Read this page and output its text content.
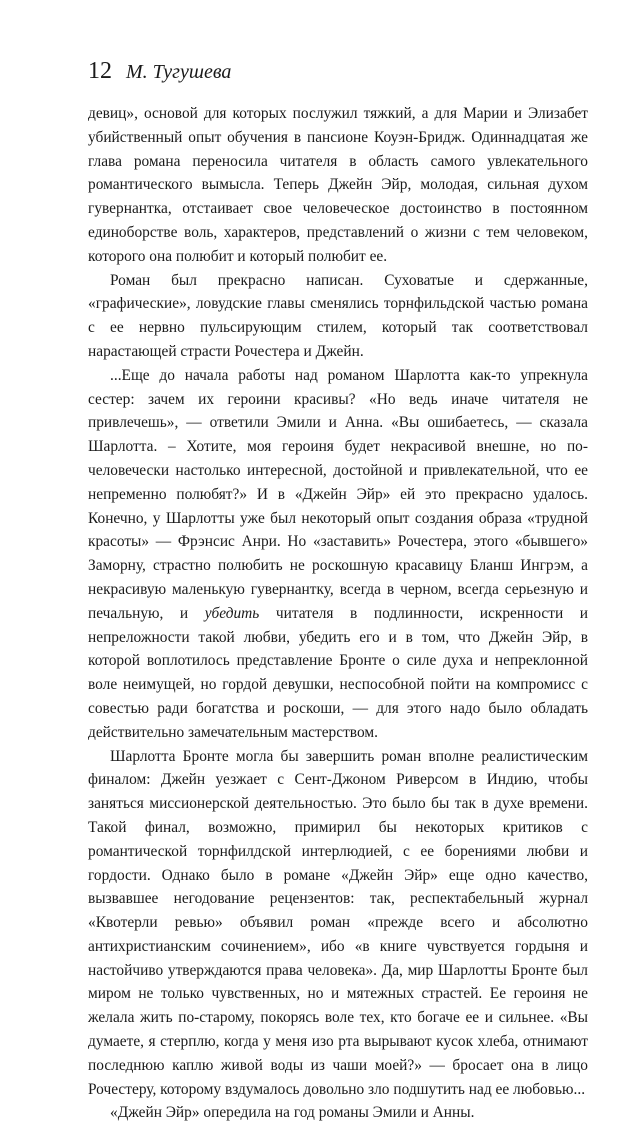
12 М. Тугушева

девиц», основой для которых послужил тяжкий, а для Марии и Элизабет убийственный опыт обучения в пансионе Коуэн-Бридж. Одиннадцатая же глава романа переносила читателя в область самого увлекательного романтического вымысла. Теперь Джейн Эйр, молодая, сильная духом гувернантка, отстаивает свое человеческое достоинство в постоянном единоборстве воль, характеров, представлений о жизни с тем человеком, которого она полюбит и который полюбит ее.

Роман был прекрасно написан. Суховатые и сдержанные, «графические», ловудские главы сменялись торнфильдской частью романа с ее нервно пульсирующим стилем, который так соответствовал нарастающей страсти Рочестера и Джейн.

...Еще до начала работы над романом Шарлотта как-то упрекнула сестер: зачем их героини красивы? «Но ведь иначе читателя не привлечешь», — ответили Эмили и Анна. «Вы ошибаетесь, — сказала Шарлотта. – Хотите, моя героиня будет некрасивой внешне, но по-человечески настолько интересной, достойной и привлекательной, что ее непременно полюбят?» И в «Джейн Эйр» ей это прекрасно удалось. Конечно, у Шарлотты уже был некоторый опыт создания образа «трудной красоты» — Фрэнсис Анри. Но «заставить» Рочестера, этого «бывшего» Заморну, страстно полюбить не роскошную красавицу Бланш Ингрэм, а некрасивую маленькую гувернантку, всегда в черном, всегда серьезную и печальную, и убедить читателя в подлинности, искренности и непреложности такой любви, убедить его и в том, что Джейн Эйр, в которой воплотилось представление Бронте о силе духа и непреклонной воле неимущей, но гордой девушки, неспособной пойти на компромисс с совестью ради богатства и роскоши, — для этого надо было обладать действительно замечательным мастерством.

Шарлотта Бронте могла бы завершить роман вполне реалистическим финалом: Джейн уезжает с Сент-Джоном Риверсом в Индию, чтобы заняться миссионерской деятельностью. Это было бы так в духе времени. Такой финал, возможно, примирил бы некоторых критиков с романтической торнфилдской интерлюдией, с ее борениями любви и гордости. Однако было в романе «Джейн Эйр» еще одно качество, вызвавшее негодование рецензентов: так, респектабельный журнал «Квотерли ревью» объявил роман «прежде всего и абсолютно антихристианским сочинением», ибо «в книге чувствуется гордыня и настойчиво утверждаются права человека». Да, мир Шарлотты Бронте был миром не только чувственных, но и мятежных страстей. Ее героиня не желала жить по-старому, покорясь воле тех, кто богаче ее и сильнее. «Вы думаете, я стерплю, когда у меня изо рта вырывают кусок хлеба, отнимают последнюю каплю живой воды из чаши моей?» — бросает она в лицо Рочестеру, которому вздумалось довольно зло подшутить над ее любовью...

«Джейн Эйр» опередила на год романы Эмили и Анны.
